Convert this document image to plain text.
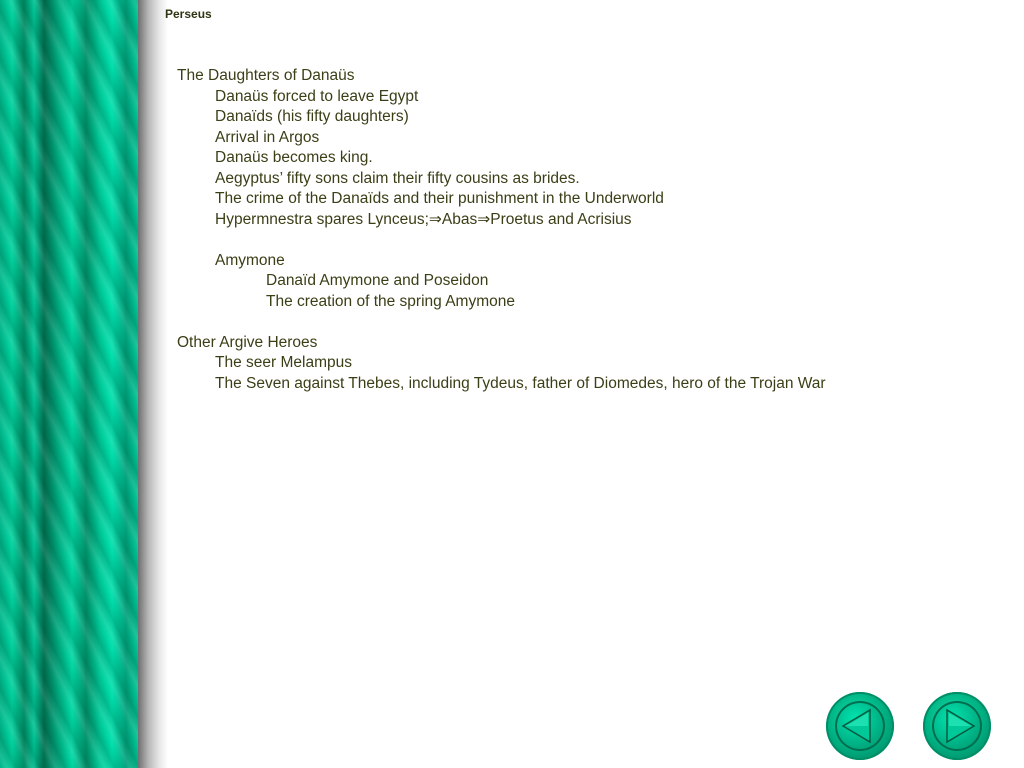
Perseus
The Daughters of Danaüs
Danaüs forced to leave Egypt
Danaïds (his fifty daughters)
Arrival in Argos
Danaüs becomes king.
Aegyptus’ fifty sons claim their fifty cousins as brides.
The crime of the Danaïds and their punishment in the Underworld
Hypermnestra spares Lynceus;⇒Abas⇒Proetus and Acrisius
Amymone
Danaïd Amymone and Poseidon
The creation of the spring Amymone
Other Argive Heroes
The seer Melampus
The Seven against Thebes, including Tydeus, father of Diomedes, hero of the Trojan War
